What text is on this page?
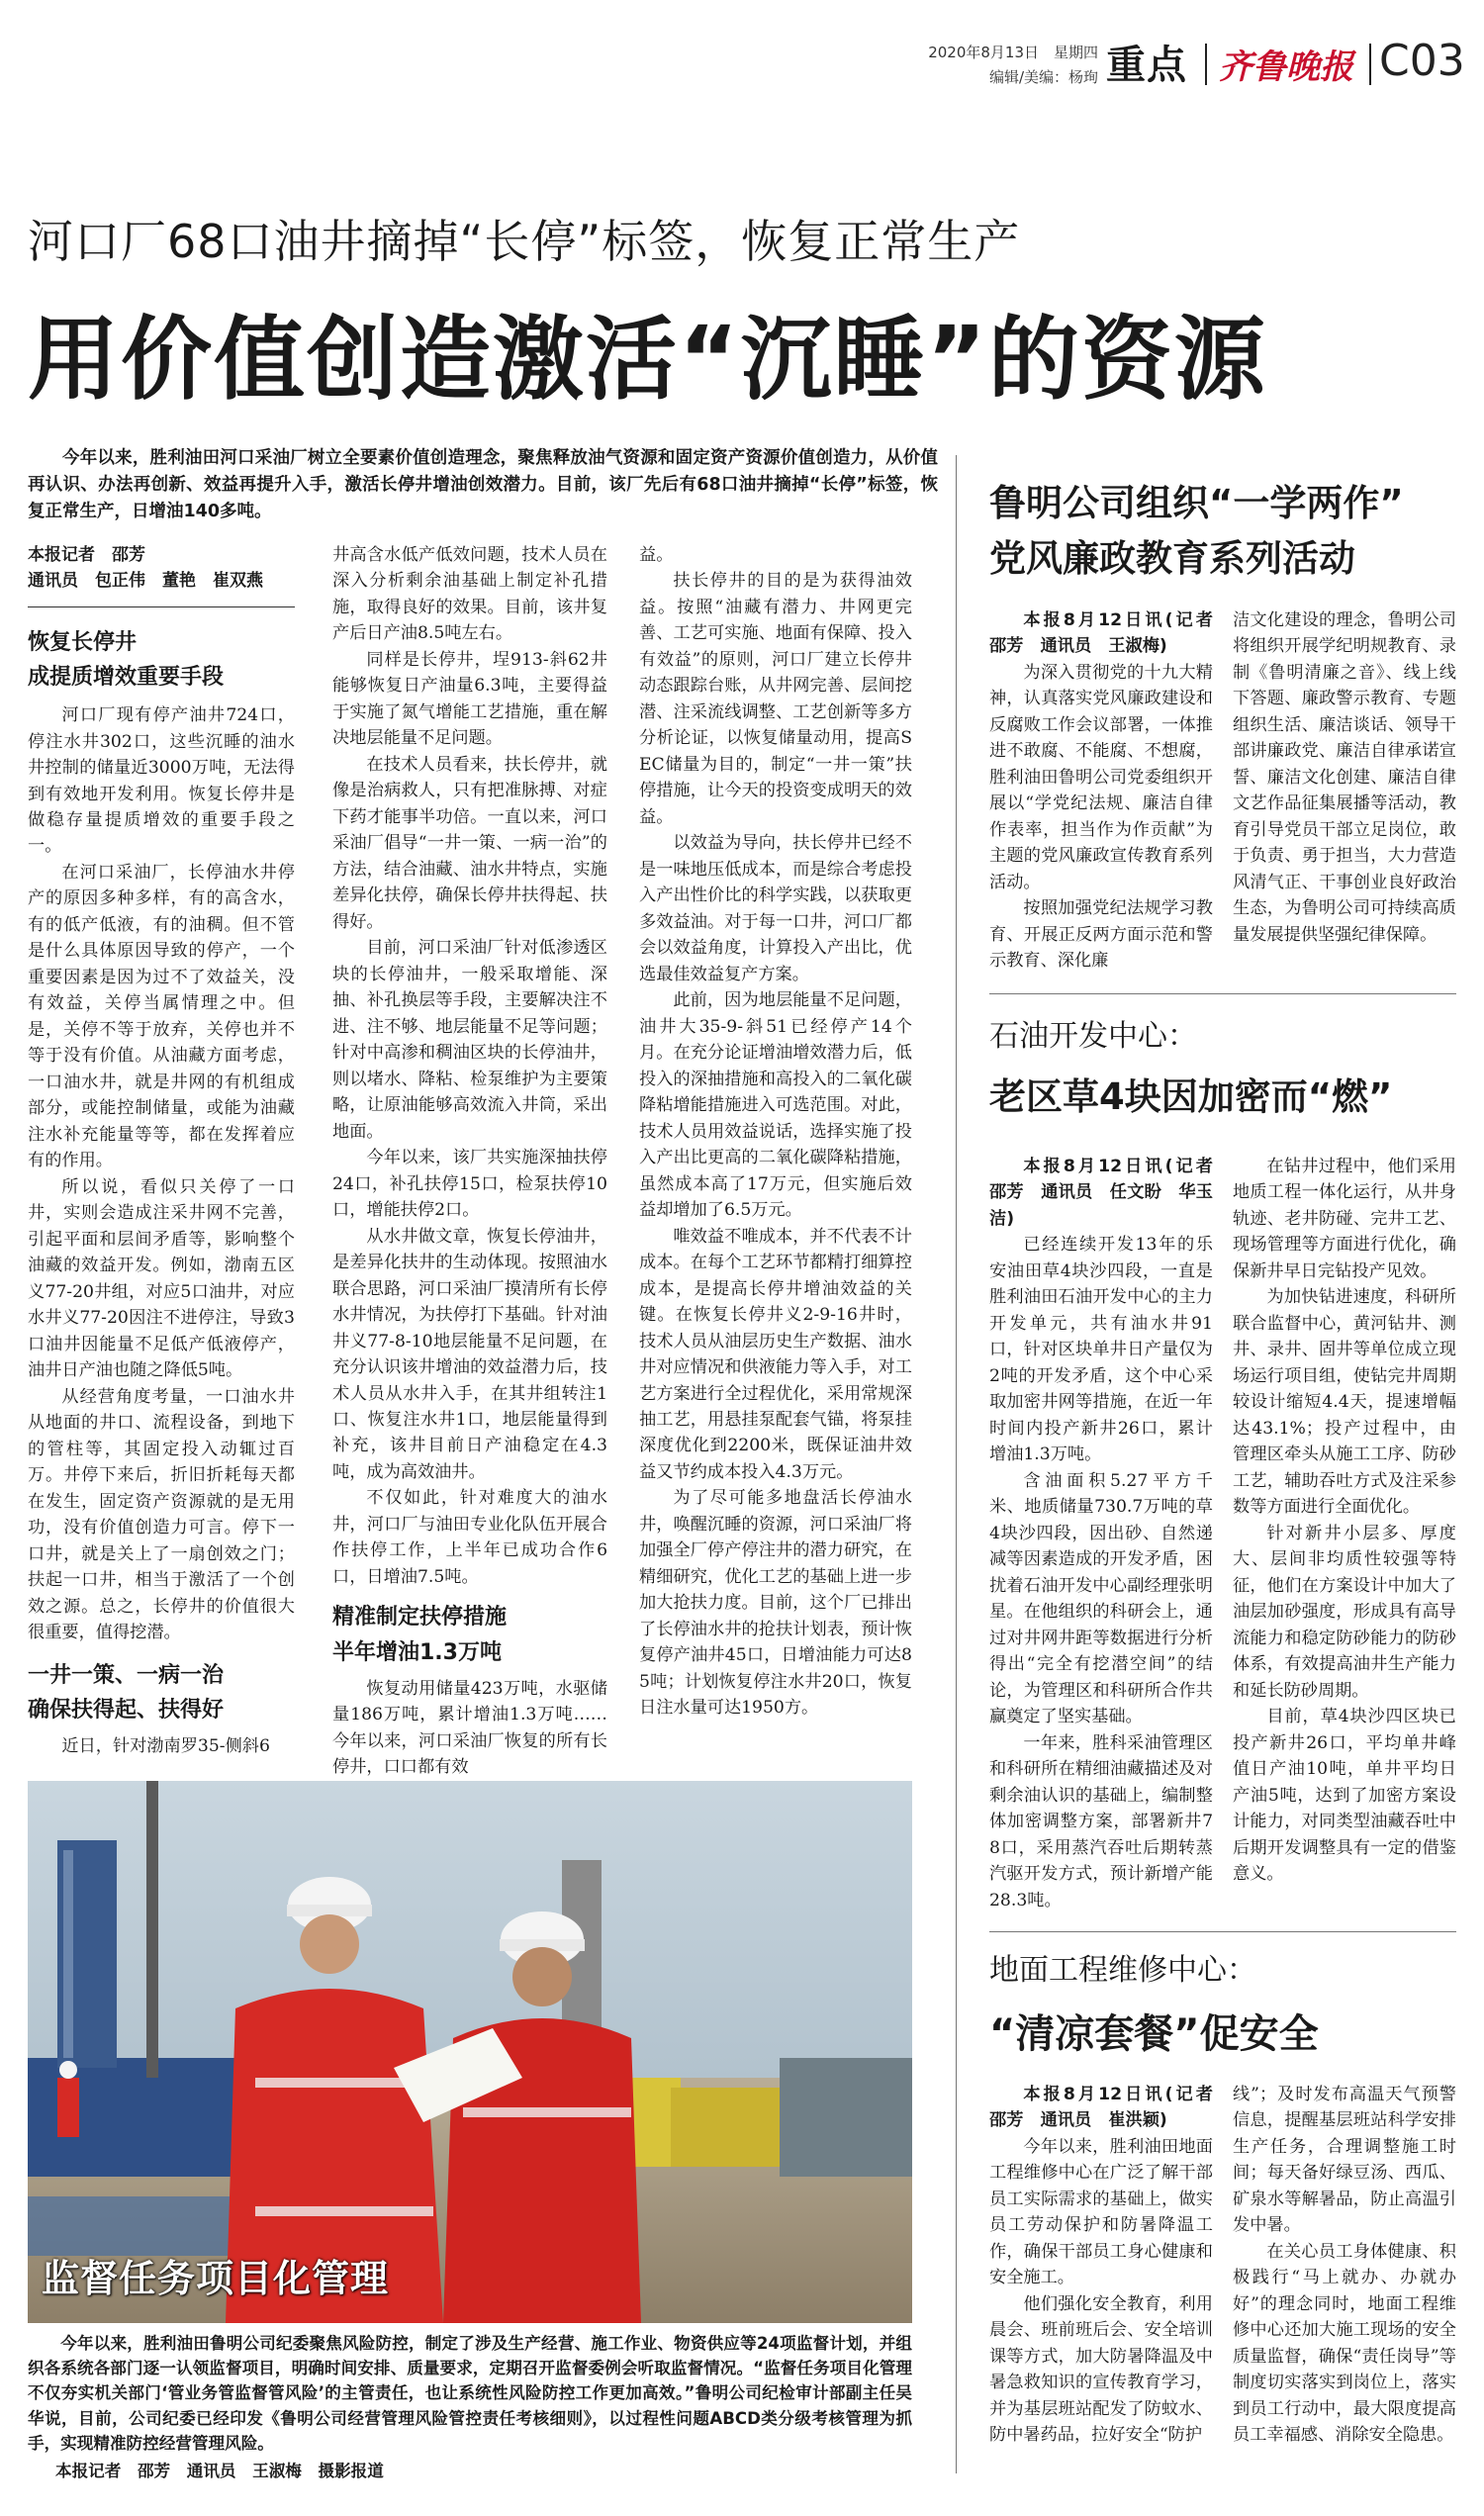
2020年8月13日　星期四
编辑/美编：杨珣 重点 齐鲁晚报 C03
河口厂68口油井摘掉“长停”标签，恢复正常生产
用价值创造激活“沉睡”的资源
今年以来，胜利油田河口采油厂树立全要素价值创造理念，聚焦释放油气资源和固定资产资源价值创造力，从价值再认识、办法再创新、效益再提升入手，激活长停井增油创效潜力。目前，该厂先后有68口油井摘掉“长停”标签，恢复正常生产，日增油140多吨。
本报记者　邵芳
通讯员　包正伟　董艳　崔双燕
恢复长停井
成提质增效重要手段

河口厂现有停产油井724口，停注水井302口，这些沉睡的油水井控制的储量近3000万吨，无法得到有效地开发利用。恢复长停井是做稳存量提质增效的重要手段之一。

在河口采油厂，长停油水井停产的原因多种多样，有的高含水，有的低产低液，有的油稠。但不管是什么具体原因导致的停产，一个重要因素是因为过不了效益关，没有效益，关停当属情理之中。但是，关停不等于放弃，关停也并不等于没有价值。从油藏方面考虑，一口油水井，就是井网的有机组成部分，或能控制储量，或能为油藏注水补充能量等等，都在发挥着应有的作用。

所以说，看似只关停了一口井，实则会造成注采井网不完善，引起平面和层间矛盾等，影响整个油藏的效益开发。例如，渤南五区义77-20井组，对应5口油井，对应水井义77-20因注不进停注，导致3口油井因能量不足低产低液停产，油井日产油也随之降低5吨。

从经营角度考量，一口油水井从地面的井口、流程设备，到地下的管柱等，其固定投入动辄过百万。井停下来后，折旧折耗每天都在发生，固定资产资源就的是无用功，没有价值创造力可言。停下一口井，就是关上了一扇创效之门；扶起一口井，相当于激活了一个创效之源。总之，长停井的价值很大很重要，值得挖潜。

一井一策、一病一治
确保扶得起、扶得好

近日，针对渤南罗35-侧斜6

井高含水低产低效问题，技术人员在深入分析剩余油基础上制定补孔措施，取得良好的效果。目前，该井复产后日产油8.5吨左右。

同样是长停井，埕913-斜62井能够恢复日产油量6.3吨，主要得益于实施了氮气增能工艺措施，重在解决地层能量不足问题。

在技术人员看来，扶长停井，就像是治病救人，只有把准脉搏、对症下药才能事半功倍。一直以来，河口采油厂倡导“一井一策、一病一治”的方法，结合油藏、油水井特点，实施差异化扶停，确保长停井扶得起、扶得好。

目前，河口采油厂针对低渗透区块的长停油井，一般采取增能、深抽、补孔换层等手段，主要解决注不进、注不够、地层能量不足等问题；针对中高渗和稠油区块的长停油井，则以堵水、降粘、检泵维护为主要策略，让原油能够高效流入井筒，采出地面。

今年以来，该厂共实施深抽扶停24口，补孔扶停15口，检泵扶停10口，增能扶停2口。

从水井做文章，恢复长停油井，是差异化扶井的生动体现。按照油水联合思路，河口采油厂摸清所有长停水井情况，为扶停打下基础。针对油井义77-8-10地层能量不足问题，在充分认识该井增油的效益潜力后，技术人员从水井入手，在其井组转注1口、恢复注水井1口，地层能量得到补充，该井目前日产油稳定在4.3吨，成为高效油井。

不仅如此，针对难度大的油水井，河口厂与油田专业化队伍开展合作扶停工作，上半年已成功合作6口，日增油7.5吨。

精准制定扶停措施
半年增油1.3万吨

恢复动用储量423万吨，水驱储量186万吨，累计增油1.3万吨……今年以来，河口采油厂恢复的所有长停井，口口都有效

益。

扶长停井的目的是为获得油效益。按照“油藏有潜力、井网更完善、工艺可实施、地面有保障、投入有效益”的原则，河口厂建立长停井动态跟踪台账，从井网完善、层间挖潜、注采流线调整、工艺创新等多方分析论证，以恢复储量动用，提高SEC储量为目的，制定“一井一策”扶停措施，让今天的投资变成明天的效益。

以效益为导向，扶长停井已经不是一味地压低成本，而是综合考虑投入产出性价比的科学实践，以获取更多效益油。对于每一口井，河口厂都会以效益角度，计算投入产出比，优选最佳效益复产方案。

此前，因为地层能量不足问题，油井大35-9-斜51已经停产14个月。在充分论证增油增效潜力后，低投入的深抽措施和高投入的二氧化碳降粘增能措施进入可选范围。对此，技术人员用效益说话，选择实施了投入产出比更高的二氧化碳降粘措施，虽然成本高了17万元，但实施后效益却增加了6.5万元。

唯效益不唯成本，并不代表不计成本。在每个工艺环节都精打细算控成本，是提高长停井增油效益的关键。在恢复长停井义2-9-16井时，技术人员从油层历史生产数据、油水井对应情况和供液能力等入手，对工艺方案进行全过程优化，采用常规深抽工艺，用悬挂泵配套气锚，将泵挂深度优化到2200米，既保证油井效益又节约成本投入4.3万元。

为了尽可能多地盘活长停油水井，唤醒沉睡的资源，河口采油厂将加强全厂停产停注井的潜力研究，在精细研究，优化工艺的基础上进一步加大抢扶力度。目前，这个厂已排出了长停油水井的抢扶计划表，预计恢复停产油井45口，日增油能力可达85吨；计划恢复停注水井20口，恢复日注水量可达1950方。

监督任务项目化管理
今年以来，胜利油田鲁明公司纪委聚焦风险防控，制定了涉及生产经营、施工作业、物资供应等24项监督计划，并组织各系统各部门逐一认领监督项目，明确时间安排、质量要求，定期召开监督委例会听取监督情况。“监督任务项目化管理不仅夯实机关部门‘管业务管监督管风险’的主管责任，也让系统性风险防控工作更加高效。”鲁明公司纪检审计部副主任吴华说，目前，公司纪委已经印发《鲁明公司经营管理风险管控责任考核细则》，以过程性问题ABCD类分级考核管理为抓手，实现精准防控经营管理风险。
本报记者　邵芳　通讯员　王淑梅　摄影报道
鲁明公司组织“一学两作”
党风廉政教育系列活动

本报8月12日讯(记者　邵芳　通讯员　王淑梅)

为深入贯彻党的十九大精神，认真落实党风廉政建设和反腐败工作会议部署，一体推进不敢腐、不能腐、不想腐，胜利油田鲁明公司党委组织开展以“学党纪法规、廉洁自律作表率，担当作为作贡献”为主题的党风廉政宣传教育系列活动。

按照加强党纪法规学习教育、开展正反两方面示范和警示教育、深化廉

洁文化建设的理念，鲁明公司将组织开展学纪明规教育、录制《鲁明清廉之音》、线上线下答题、廉政警示教育、专题组织生活、廉洁谈话、领导干部讲廉政党、廉洁自律承诺宣誓、廉洁文化创建、廉洁自律文艺作品征集展播等活动，教育引导党员干部立足岗位，敢于负责、勇于担当，大力营造风清气正、干事创业良好政治生态，为鲁明公司可持续高质量发展提供坚强纪律保障。

石油开发中心：
老区草4块因加密而“燃”

本报8月12日讯(记者　邵芳　通讯员　任文盼　华玉洁)

已经连续开发13年的乐安油田草4块沙四段，一直是胜利油田石油开发中心的主力开发单元，共有油水井91口，针对区块单井日产量仅为2吨的开发矛盾，这个中心采取加密井网等措施，在近一年时间内投产新井26口，累计增油1.3万吨。

含油面积5.27平方千米、地质储量730.7万吨的草4块沙四段，因出砂、自然递减等因素造成的开发矛盾，困扰着石油开发中心副经理张明星。在他组织的科研会上，通过对井网井距等数据进行分析得出“完全有挖潜空间”的结论，为管理区和科研所合作共赢奠定了坚实基础。

一年来，胜科采油管理区和科研所在精细油藏描述及对剩余油认识的基础上，编制整体加密调整方案，部署新井78口，采用蒸汽吞吐后期转蒸汽驱开发方式，预计新增产能28.3吨。

在钻井过程中，他们采用地质工程一体化运行，从井身轨迹、老井防碰、完井工艺、现场管理等方面进行优化，确保新井早日完钻投产见效。

为加快钻进速度，科研所联合监督中心，黄河钻井、测井、录井、固井等单位成立现场运行项目组，使钻完井周期较设计缩短4.4天，提速增幅达43.1%；投产过程中，由管理区牵头从施工工序、防砂工艺，辅助吞吐方式及注采参数等方面进行全面优化。

针对新井小层多、厚度大、层间非均质性较强等特征，他们在方案设计中加大了油层加砂强度，形成具有高导流能力和稳定防砂能力的防砂体系，有效提高油井生产能力和延长防砂周期。

目前，草4块沙四区块已投产新井26口，平均单井峰值日产油10吨，单井平均日产油5吨，达到了加密方案设计能力，对同类型油藏吞吐中后期开发调整具有一定的借鉴意义。

地面工程维修中心：
“清凉套餐”促安全

本报8月12日讯(记者　邵芳　通讯员　崔洪颖)

今年以来，胜利油田地面工程维修中心在广泛了解干部员工实际需求的基础上，做实员工劳动保护和防暑降温工作，确保干部员工身心健康和安全施工。

他们强化安全教育，利用晨会、班前班后会、安全培训课等方式，加大防暑降温及中暑急救知识的宣传教育学习，并为基层班站配发了防蚊水、防中暑药品，拉好安全“防护

线”；及时发布高温天气预警信息，提醒基层班站科学安排生产任务，合理调整施工时间；每天备好绿豆汤、西瓜、矿泉水等解暑品，防止高温引发中暑。

在关心员工身体健康、积极践行“马上就办、办就办好”的理念同时，地面工程维修中心还加大施工现场的安全质量监督，确保“责任岗导”等制度切实落实到岗位上，落实到员工行动中，最大限度提高员工幸福感、消除安全隐患。
